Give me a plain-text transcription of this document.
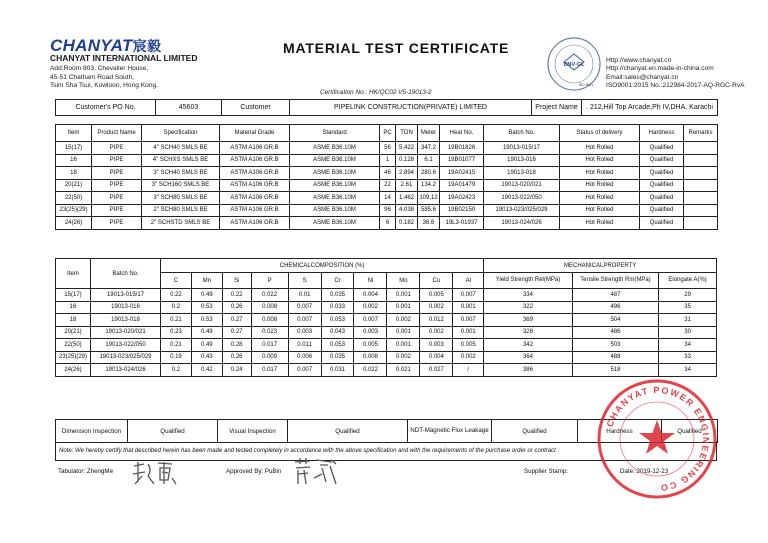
CHANYAT宸毅
CHANYAT INTERNATIONAL LIMITED
Add:Room 803, Chevalier House,
45-51 Chatham Road South,
Tsim Sha Tsui, Kowloon, Hong Kong.
MATERIAL TEST CERTIFICATE
DNV·GL
ISO 9001
Http://www.chanyat.cn
Http://chanyat.en.made-in-china.com
Email:sales@chanyat.cn
ISO9001:2015 No.:212984-2017-AQ-RGC-RvA
Certification No.: HK/QC02 V5-19013-2
Customer's PO No.	45603	Customer	PIPELINK CONSTRUCTION(PRIVATE) LIMITED	Project Name	. 212,Hill Top Arcade,Ph IV,DHA, Karachi
Item	Product Name	Specification	Material Grade	Standard	PC	TON	Meter	Heat No.	Batch No.	Status of delivery	Hardness	Remarks
15(17)	PIPE	4" SCH40 SMLS BE	ASTM A106 GR.B	ASME B36.10M	56	5.422	347.2	19B01826	19013-015/17	Hot Rolled	Qualified	
16	PIPE	4" SCHXS SMLS BE	ASTM A106 GR.B	ASME B36.10M	1	0.128	6.1	19B01077	19013-016	Hot Rolled	Qualified	
18	PIPE	3" SCH40 SMLS BE	ASTM A106 GR.B	ASME B36.10M	46	2.894	280.6	19A02415	19013-018	Hot Rolled	Qualified	
20(21)	PIPE	3" SCH160 SMLS BE	ASTM A106 GR.B	ASME B36.10M	22	2.61	134.2	19A01479	19013-020/021	Hot Rolled	Qualified	
22(50)	PIPE	3" SCH80 SMLS BE	ASTM A106 GR.B	ASME B36.10M	14	1.462	109.12	19A02423	19013-022/050	Hot Rolled	Qualified	
23(25)(29)	PIPE	2" SCH80 SMLS BE	ASTM A106 GR.B	ASME B36.10M	96	4.038	585.6	19B02150	19013-023/025/029	Hot Rolled	Qualified	
24(26)	PIPE	2" SCHSTD SMLS BE	ASTM A106 GR.B	ASME B36.10M	6	0.182	36.6	19L3-01937	19013-024/026	Hot Rolled	Qualified	
Item	Batch No.	CHEMICALCOMPOSITION (%)										MECHANICALPROPERTY		
		C	Mn	Si	P	S	Cr	Ni	Mo	Cu	Al	Yield Strength Rel(MPa)	Tensile Strength Rm(MPa)	Elongate A(%)
15(17)	19013-015/17	0.22	0.49	0.22	0.022	0.01	0.035	0.004	0.001	0.005	0.007	334	487	29
16	19013-016	0.2	0.53	0.26	0.008	0.007	0.033	0.002	0.001	0.002	0.001	322	496	35
18	19013-018	0.21	0.53	0.27	0.008	0.007	0.053	0.007	0.002	0.012	0.007	369	504	31
20(21)	19013-020/021	0.23	0.49	0.27	0.023	0.003	0.043	0.003	0.001	0.002	0.001	328	486	30
22(50)	19013-022/050	0.21	0.49	0.28	0.017	0.011	0.053	0.005	0.001	0.003	0.005	342	503	34
23(25)(29)	19013-023/025/029	0.19	0.43	0.26	0.009	0.006	0.035	0.008	0.002	0.004	0.002	364	488	33
24(26)	19013-024/026	0.2	0.42	0.24	0.017	0.007	0.031	0.022	0.021	0.027	/	386	518	34
Dimension Inspection	Qualified	Visual Inspection	Qualified	NDT-Magnetic Flux Leakage	Qualified	Hardness	Qualified
Note: We hereby certify that described herein has been made and tested completely in accordance with the above specification and with the requirements of the purchase order or contract
Tabulator: ZhengMe	Approved By: PuBin	Supplier Stamp:	Date: 2019-12-23
CHANYAT POWER ENGINEERING CO
